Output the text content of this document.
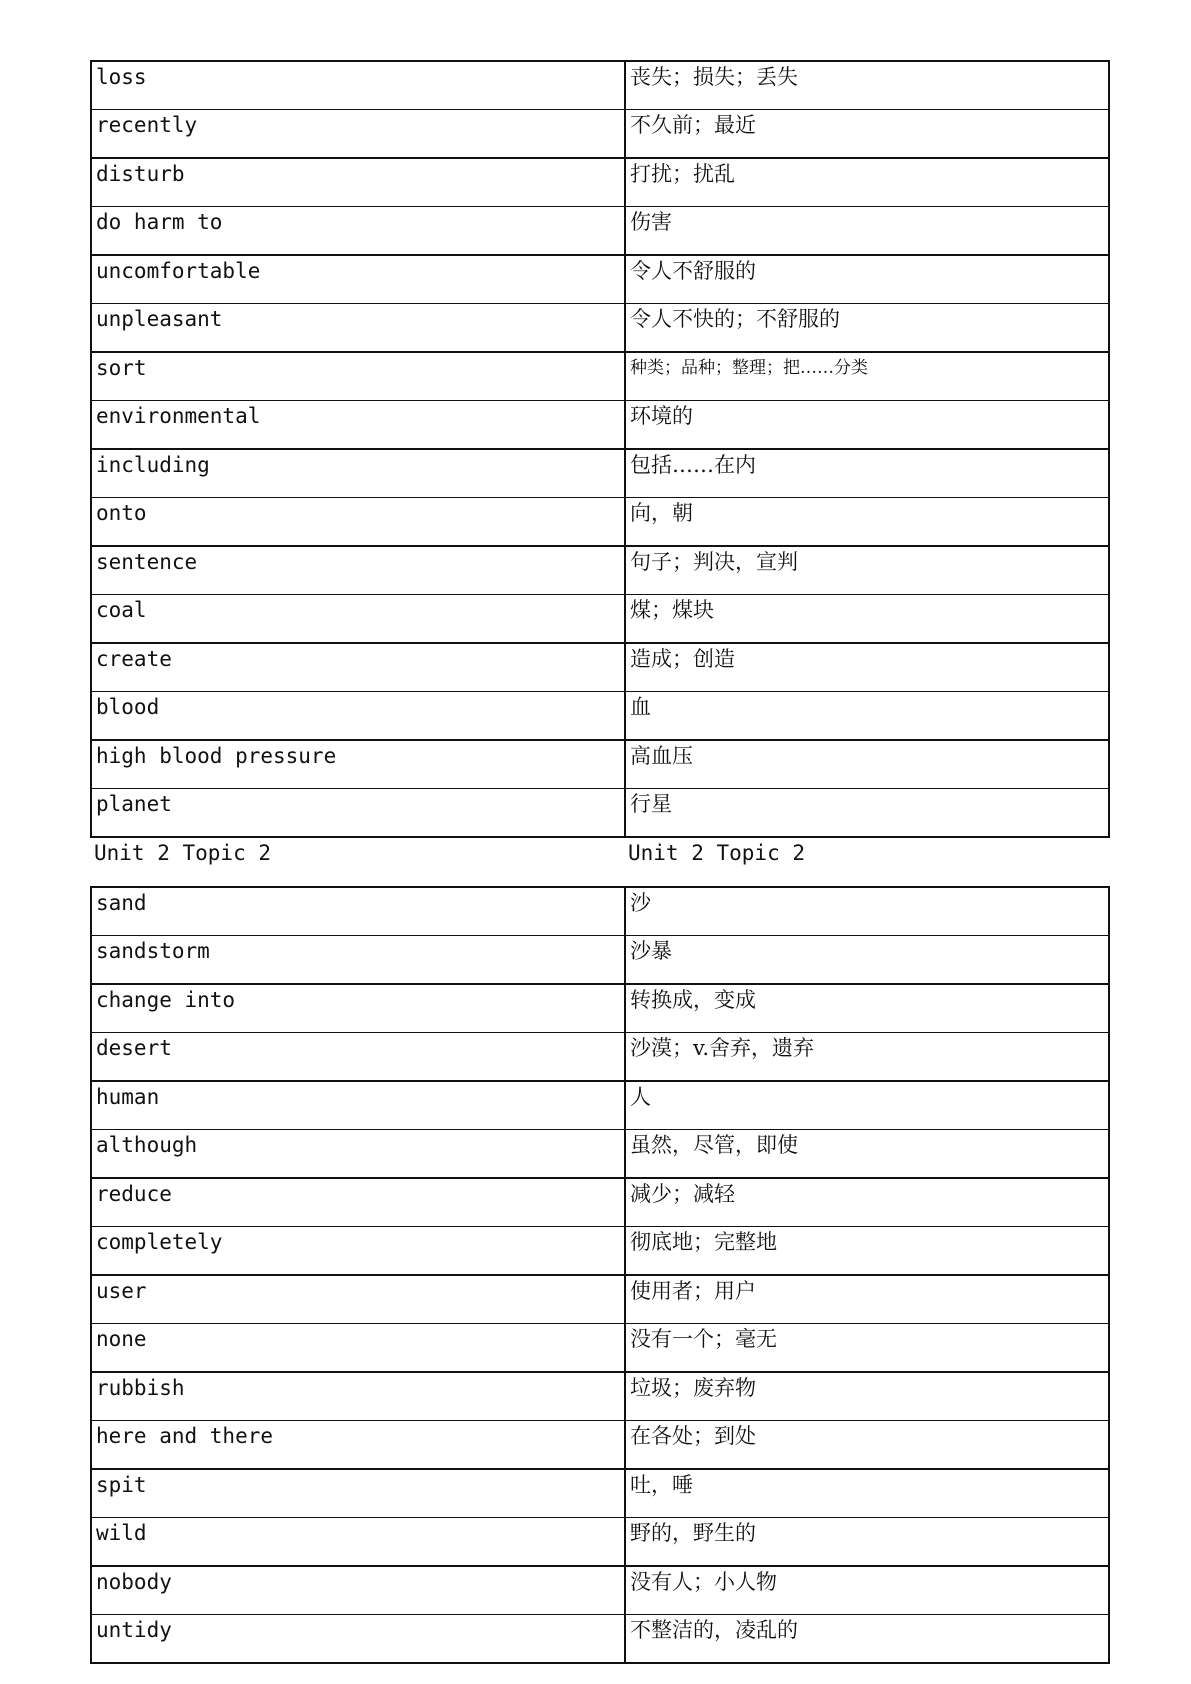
loss	丧失；损失；丢失
recently	不久前；最近
disturb	打扰；扰乱
do harm to	伤害
uncomfortable	令人不舒服的
unpleasant	令人不快的；不舒服的
sort	种类；品种；整理；把……分类
environmental	环境的
including	包括……在内
onto	向，朝
sentence	句子；判决，宣判
coal	煤；煤块
create	造成；创造
blood	血
high blood pressure	高血压
planet	行星
Unit 2 Topic 2	Unit 2 Topic 2
sand	沙
sandstorm	沙暴
change into	转换成，变成
desert	沙漠；v.舍弃，遗弃
human	人
although	虽然，尽管，即使
reduce	减少；减轻
completely	彻底地；完整地
user	使用者；用户
none	没有一个；毫无
rubbish	垃圾；废弃物
here and there	在各处；到处
spit	吐，唾
wild	野的，野生的
nobody	没有人；小人物
untidy	不整洁的，凌乱的
